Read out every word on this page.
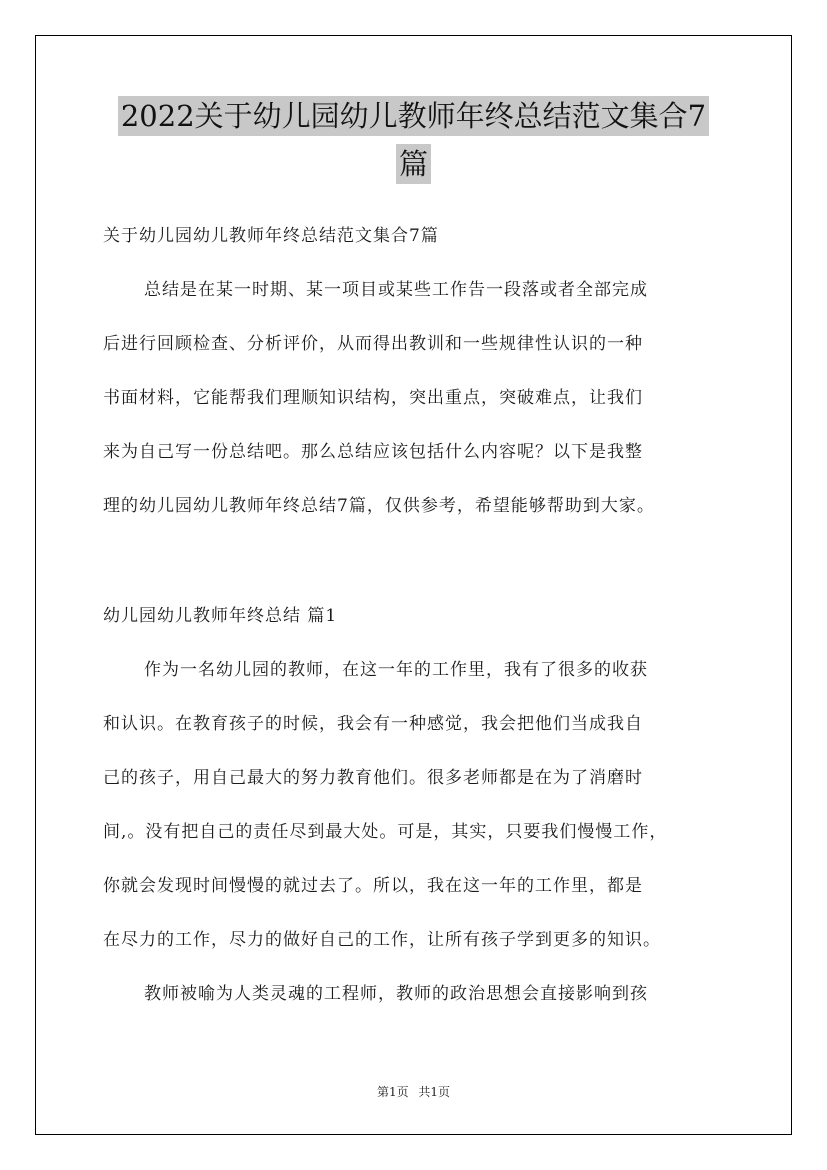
2022关于幼儿园幼儿教师年终总结范文集合7
篇
关于幼儿园幼儿教师年终总结范文集合7篇
总结是在某一时期、某一项目或某些工作告一段落或者全部完成
后进行回顾检查、分析评价，从而得出教训和一些规律性认识的一种
书面材料，它能帮我们理顺知识结构，突出重点，突破难点，让我们
来为自己写一份总结吧。那么总结应该包括什么内容呢？以下是我整
理的幼儿园幼儿教师年终总结7篇，仅供参考，希望能够帮助到大家。
幼儿园幼儿教师年终总结 篇1
作为一名幼儿园的教师，在这一年的工作里，我有了很多的收获
和认识。在教育孩子的时候，我会有一种感觉，我会把他们当成我自
己的孩子，用自己最大的努力教育他们。很多老师都是在为了消磨时
间,。没有把自己的责任尽到最大处。可是，其实，只要我们慢慢工作，
你就会发现时间慢慢的就过去了。所以，我在这一年的工作里，都是
在尽力的工作，尽力的做好自己的工作，让所有孩子学到更多的知识。
教师被喻为人类灵魂的工程师，教师的政治思想会直接影响到孩
第1页 共1页
